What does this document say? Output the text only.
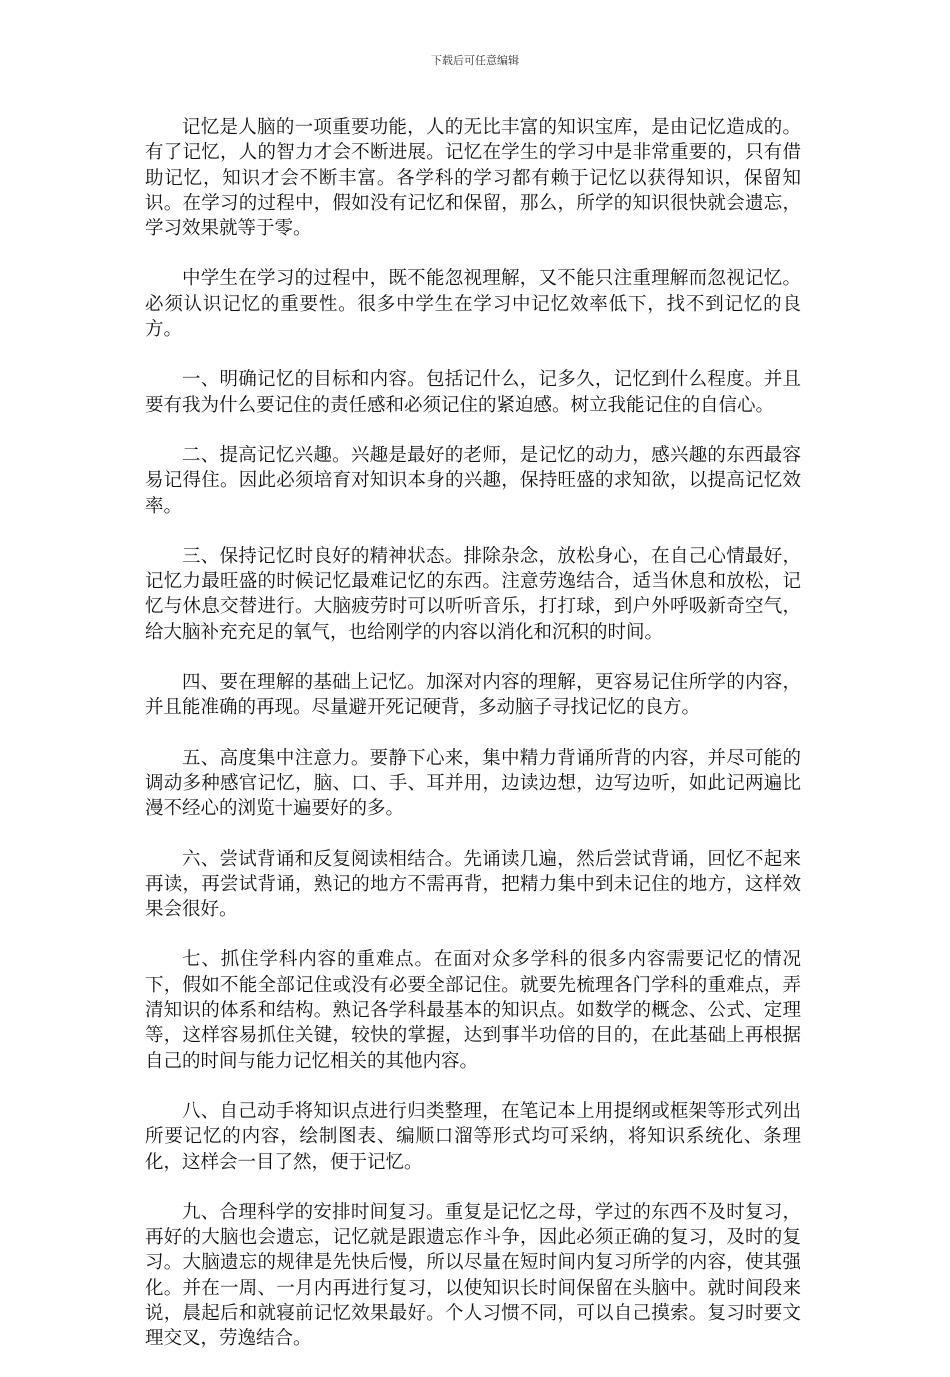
下载后可任意编辑

记忆是人脑的一项重要功能，人的无比丰富的知识宝库，是由记忆造成的。有了记忆，人的智力才会不断进展。记忆在学生的学习中是非常重要的，只有借助记忆，知识才会不断丰富。各学科的学习都有赖于记忆以获得知识，保留知识。在学习的过程中，假如没有记忆和保留，那么，所学的知识很快就会遗忘，学习效果就等于零。

中学生在学习的过程中，既不能忽视理解，又不能只注重理解而忽视记忆。必须认识记忆的重要性。很多中学生在学习中记忆效率低下，找不到记忆的良方。

一、明确记忆的目标和内容。包括记什么，记多久，记忆到什么程度。并且要有我为什么要记住的责任感和必须记住的紧迫感。树立我能记住的自信心。

二、提高记忆兴趣。兴趣是最好的老师，是记忆的动力，感兴趣的东西最容易记得住。因此必须培育对知识本身的兴趣，保持旺盛的求知欲，以提高记忆效率。

三、保持记忆时良好的精神状态。排除杂念，放松身心，在自己心情最好，记忆力最旺盛的时候记忆最难记忆的东西。注意劳逸结合，适当休息和放松，记忆与休息交替进行。大脑疲劳时可以听听音乐，打打球，到户外呼吸新奇空气，给大脑补充充足的氧气，也给刚学的内容以消化和沉积的时间。

四、要在理解的基础上记忆。加深对内容的理解，更容易记住所学的内容，并且能准确的再现。尽量避开死记硬背，多动脑子寻找记忆的良方。

五、高度集中注意力。要静下心来，集中精力背诵所背的内容，并尽可能的调动多种感官记忆，脑、口、手、耳并用，边读边想，边写边听，如此记两遍比漫不经心的浏览十遍要好的多。

六、尝试背诵和反复阅读相结合。先诵读几遍，然后尝试背诵，回忆不起来再读，再尝试背诵，熟记的地方不需再背，把精力集中到未记住的地方，这样效果会很好。

七、抓住学科内容的重难点。在面对众多学科的很多内容需要记忆的情况下，假如不能全部记住或没有必要全部记住。就要先梳理各门学科的重难点，弄清知识的体系和结构。熟记各学科最基本的知识点。如数学的概念、公式、定理等，这样容易抓住关键，较快的掌握，达到事半功倍的目的，在此基础上再根据自己的时间与能力记忆相关的其他内容。

八、自己动手将知识点进行归类整理，在笔记本上用提纲或框架等形式列出所要记忆的内容，绘制图表、编顺口溜等形式均可采纳，将知识系统化、条理化，这样会一目了然，便于记忆。

九、合理科学的安排时间复习。重复是记忆之母，学过的东西不及时复习，再好的大脑也会遗忘，记忆就是跟遗忘作斗争，因此必须正确的复习，及时的复习。大脑遗忘的规律是先快后慢，所以尽量在短时间内复习所学的内容，使其强化。并在一周、一月内再进行复习，以使知识长时间保留在头脑中。就时间段来说，晨起后和就寝前记忆效果最好。个人习惯不同，可以自己摸索。复习时要文理交叉，劳逸结合。
